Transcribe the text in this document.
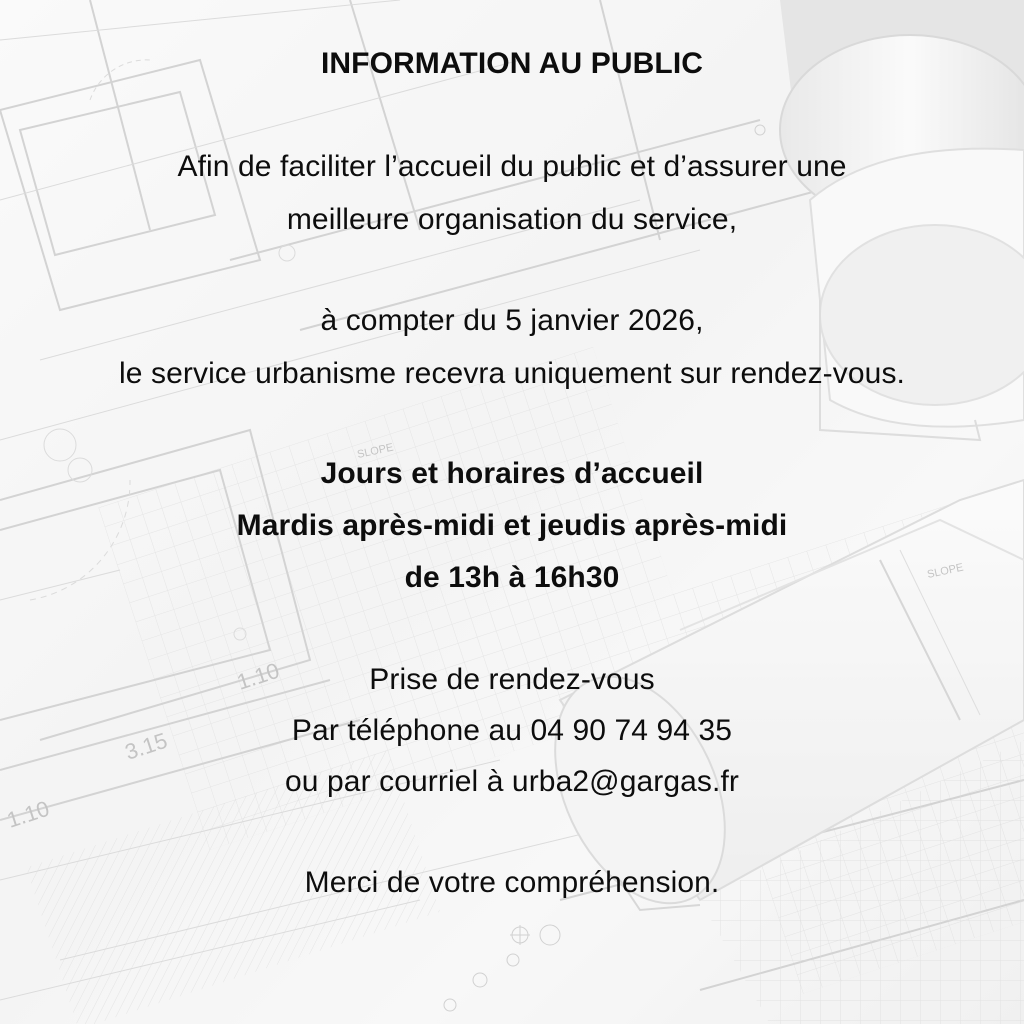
SLOPE
SLOPE
1.10
3.15
1.10
INFORMATION AU PUBLIC
Afin de faciliter l’accueil du public et d’assurer une
meilleure organisation du service,
à compter du 5 janvier 2026,
le service urbanisme recevra uniquement sur rendez-vous.
Jours et horaires d’accueil
Mardis après-midi et jeudis après-midi
de 13h à 16h30
Prise de rendez-vous
Par téléphone au 04 90 74 94 35
ou par courriel à urba2@gargas.fr
Merci de votre compréhension.
